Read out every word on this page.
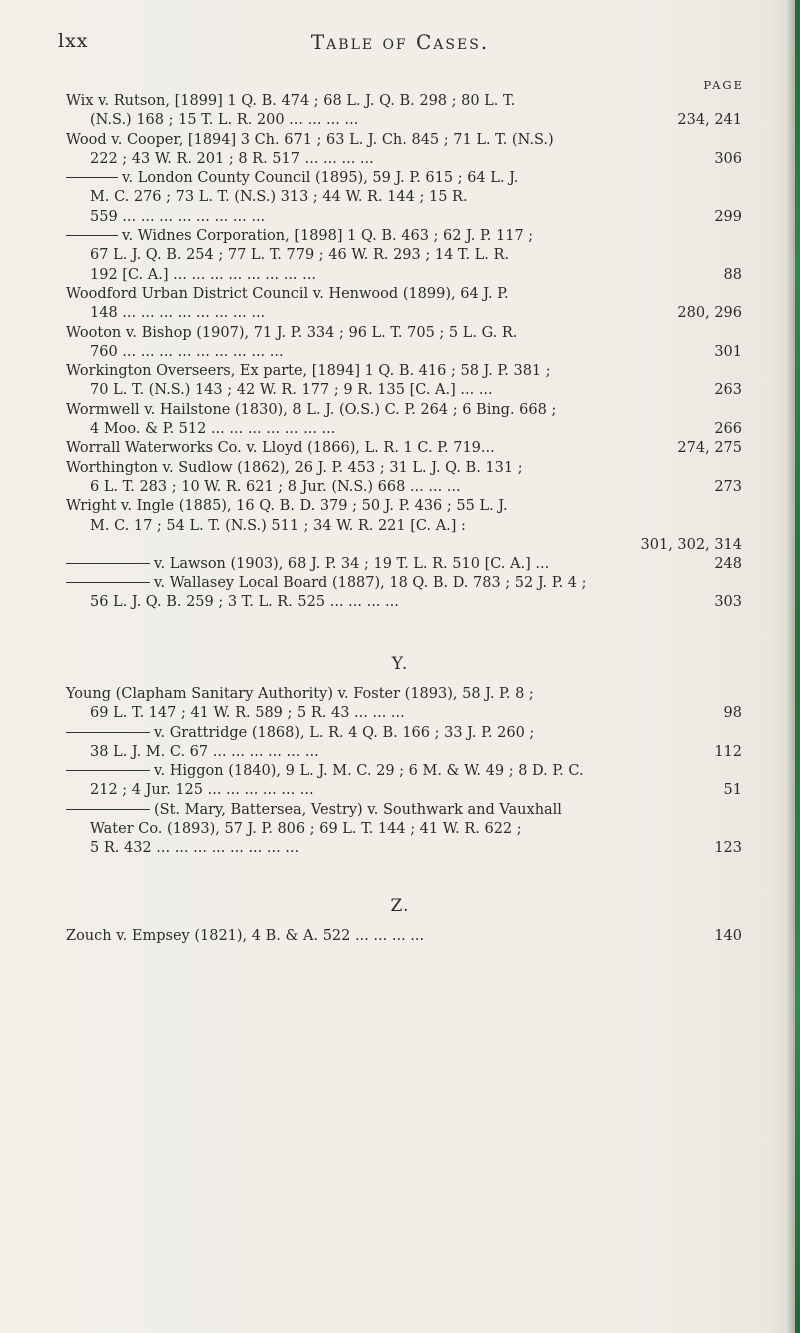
lxx	Table of Cases.
PAGE
Wix v. Rutson, [1899] 1 Q. B. 474 ; 68 L. J. Q. B. 298 ; 80 L. T.
(N.S.) 168 ; 15 T. L. R. 200 ... ... ... ...	234, 241
Wood v. Cooper, [1894] 3 Ch. 671 ; 63 L. J. Ch. 845 ; 71 L. T. (N.S.)
222 ; 43 W. R. 201 ; 8 R. 517 ... ... ... ...	306
v. London County Council (1895), 59 J. P. 615 ; 64 L. J.
M. C. 276 ; 73 L. T. (N.S.) 313 ; 44 W. R. 144 ; 15 R.
559 ... ... ... ... ... ... ... ...	299
v. Widnes Corporation, [1898] 1 Q. B. 463 ; 62 J. P. 117 ;
67 L. J. Q. B. 254 ; 77 L. T. 779 ; 46 W. R. 293 ; 14 T. L. R.
192 [C. A.] ... ... ... ... ... ... ... ...	88
Woodford Urban District Council v. Henwood (1899), 64 J. P.
148 ... ... ... ... ... ... ... ...	280, 296
Wooton v. Bishop (1907), 71 J. P. 334 ; 96 L. T. 705 ; 5 L. G. R.
760 ... ... ... ... ... ... ... ... ...	301
Workington Overseers, Ex parte, [1894] 1 Q. B. 416 ; 58 J. P. 381 ;
70 L. T. (N.S.) 143 ; 42 W. R. 177 ; 9 R. 135 [C. A.] ... ...	263
Wormwell v. Hailstone (1830), 8 L. J. (O.S.) C. P. 264 ; 6 Bing. 668 ;
4 Moo. & P. 512 ... ... ... ... ... ... ...	266
Worrall Waterworks Co. v. Lloyd (1866), L. R. 1 C. P. 719...	274, 275
Worthington v. Sudlow (1862), 26 J. P. 453 ; 31 L. J. Q. B. 131 ;
6 L. T. 283 ; 10 W. R. 621 ; 8 Jur. (N.S.) 668 ... ... ...	273
Wright v. Ingle (1885), 16 Q. B. D. 379 ; 50 J. P. 436 ; 55 L. J.
M. C. 17 ; 54 L. T. (N.S.) 511 ; 34 W. R. 221 [C. A.] :
301, 302, 314
v. Lawson (1903), 68 J. P. 34 ; 19 T. L. R. 510 [C. A.] ...	248
v. Wallasey Local Board (1887), 18 Q. B. D. 783 ; 52 J. P. 4 ;
56 L. J. Q. B. 259 ; 3 T. L. R. 525 ... ... ... ...	303

Y.

Young (Clapham Sanitary Authority) v. Foster (1893), 58 J. P. 8 ;
69 L. T. 147 ; 41 W. R. 589 ; 5 R. 43 ... ... ...	98
v. Grattridge (1868), L. R. 4 Q. B. 166 ; 33 J. P. 260 ;
38 L. J. M. C. 67 ... ... ... ... ... ...	112
v. Higgon (1840), 9 L. J. M. C. 29 ; 6 M. & W. 49 ; 8 D. P. C.
212 ; 4 Jur. 125 ... ... ... ... ... ...	51
(St. Mary, Battersea, Vestry) v. Southwark and Vauxhall
Water Co. (1893), 57 J. P. 806 ; 69 L. T. 144 ; 41 W. R. 622 ;
5 R. 432 ... ... ... ... ... ... ... ...	123

Z.

Zouch v. Empsey (1821), 4 B. & A. 522 ... ... ... ...	140
